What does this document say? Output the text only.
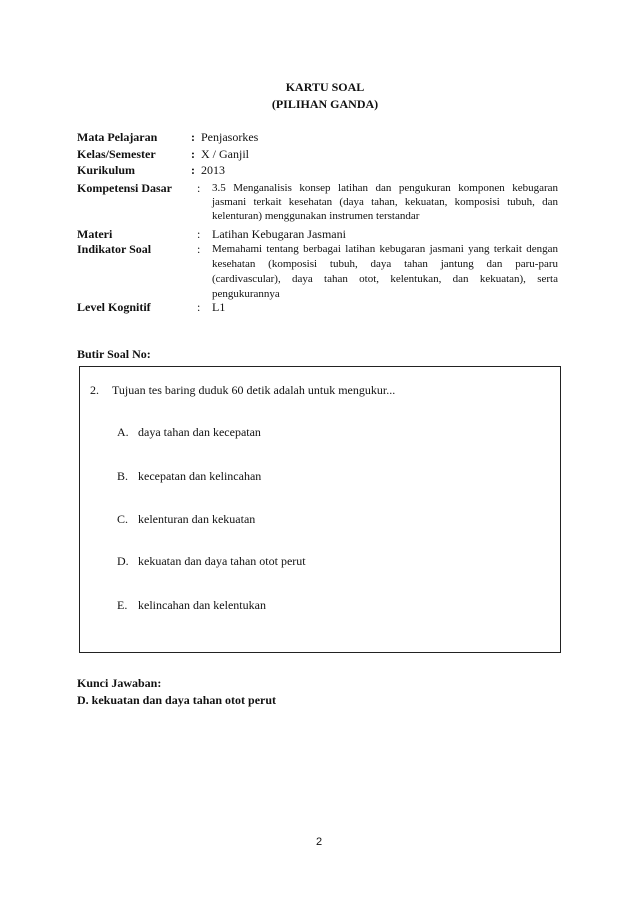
KARTU SOAL
(PILIHAN GANDA)
Mata Pelajaran	: Penjasorkes
Kelas/Semester	: X / Ganjil
Kurikulum	: 2013
Kompetensi Dasar : 3.5 Menganalisis konsep latihan dan pengukuran komponen kebugaran jasmani terkait kesehatan (daya tahan, kekuatan, komposisi tubuh, dan kelenturan) menggunakan instrumen terstandar
Materi	: Latihan Kebugaran Jasmani
Indikator Soal	: Memahami tentang berbagai latihan kebugaran jasmani yang terkait dengan kesehatan (komposisi tubuh, daya tahan jantung dan paru-paru (cardivascular), daya tahan otot, kelentukan, dan kekuatan), serta pengukurannya
Level Kognitif	: L1
Butir Soal No:
2. Tujuan tes baring duduk 60 detik adalah untuk mengukur...
A. daya tahan dan kecepatan
B. kecepatan dan kelincahan
C. kelenturan dan kekuatan
D. kekuatan dan daya tahan otot perut
E. kelincahan dan kelentukan
Kunci Jawaban:
D. kekuatan dan daya tahan otot perut
2
